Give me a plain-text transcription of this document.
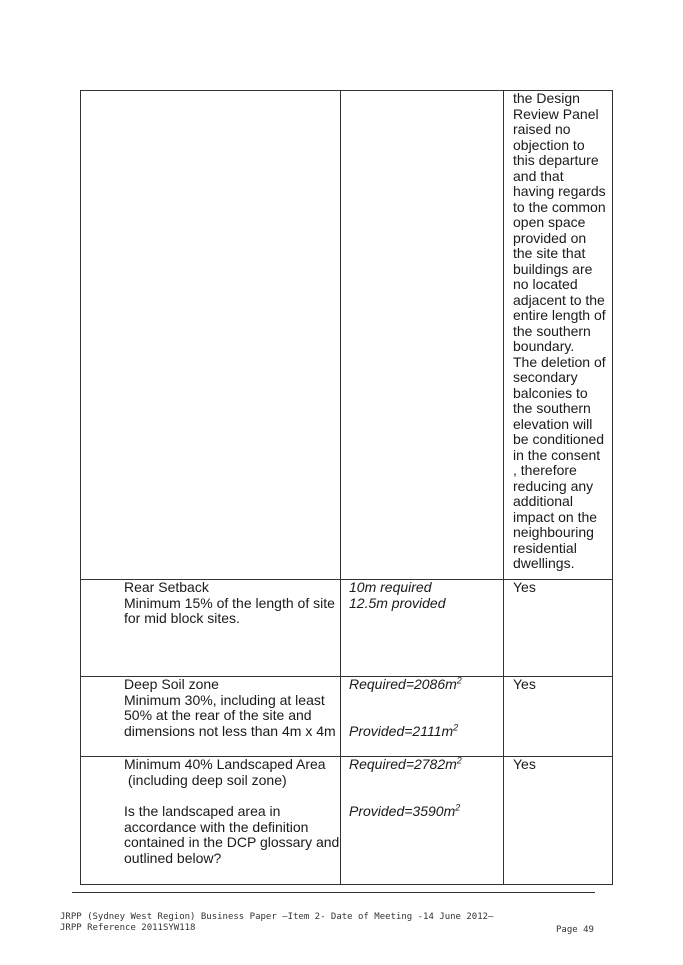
the Design
Review Panel
raised no
objection to
this departure
and that
having regards
to the common
open space
provided on
the site that
buildings are
no located
adjacent to the
entire length of
the southern
boundary.
The deletion of
secondary
balconies to
the southern
elevation will
be conditioned
in the consent
, therefore
reducing any
additional
impact on the
neighbouring
residential
dwellings.
Rear Setback
Minimum 15% of the length of site
for mid block sites.
10m required
12.5m provided
Yes
Deep Soil zone
Minimum 30%, including at least
50% at the rear of the site and
dimensions not less than 4m x 4m
$Required=2086m^2$
$Provided=2111m^2$
Yes
Minimum 40% Landscaped Area
(including deep soil zone)
Is the landscaped area in
accordance with the definition
contained in the DCP glossary and
outlined below?
$Required=2782m^2$
$Provided=3590m^2$
Yes
JRPP (Sydney West Region) Business Paper –Item 2- Date of Meeting -14 June 2012–
JRPP Reference 2011SYW118	Page 49
